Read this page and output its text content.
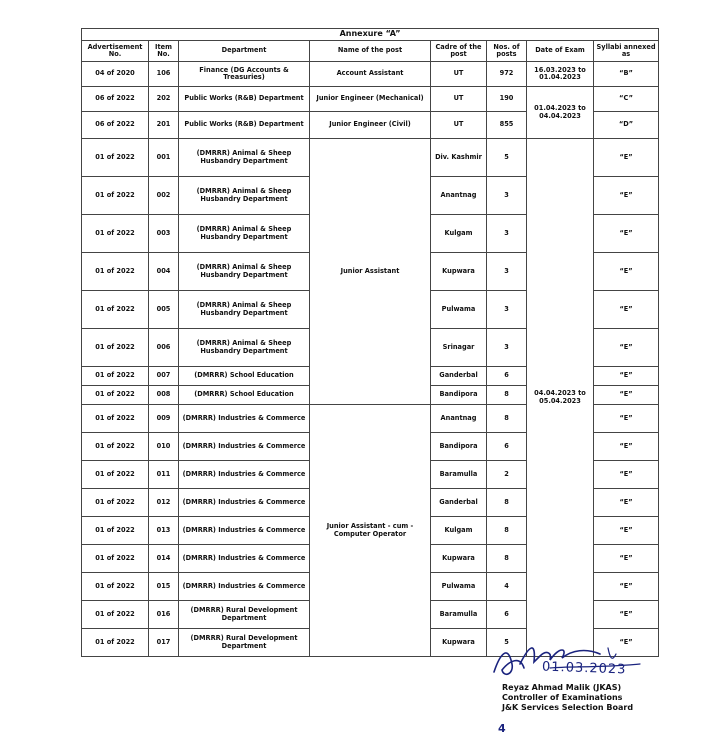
Annexure “A”							
Advertisement No.	Item No.	Department	Name of the post	Cadre of the post	Nos. of posts	Date of Exam	Syllabi annexed as
04 of 2020	106	Finance (DG Accounts & Treasuries)	Account Assistant	UT	972	16.03.2023 to 01.04.2023	“B”
06 of 2022	202	Public Works (R&B) Department	Junior Engineer (Mechanical)	UT	190	01.04.2023 to 04.04.2023	“C”
06 of 2022	201	Public Works (R&B) Department	Junior Engineer (Civil)	UT	855		“D”
01 of 2022	001	(DMRRR) Animal & Sheep Husbandry Department	Junior Assistant	Div. Kashmir	5	04.04.2023 to 05.04.2023	“E”
01 of 2022	002	(DMRRR) Animal & Sheep Husbandry Department		Anantnag	3		“E”
01 of 2022	003	(DMRRR) Animal & Sheep Husbandry Department		Kulgam	3		“E”
01 of 2022	004	(DMRRR) Animal & Sheep Husbandry Department		Kupwara	3		“E”
01 of 2022	005	(DMRRR) Animal & Sheep Husbandry Department		Pulwama	3		“E”
01 of 2022	006	(DMRRR) Animal & Sheep Husbandry Department		Srinagar	3		“E”
01 of 2022	007	(DMRRR) School Education		Ganderbal	6		“E”
01 of 2022	008	(DMRRR) School Education		Bandipora	8		“E”
01 of 2022	009	(DMRRR) Industries & Commerce	Junior Assistant - cum - Computer Operator	Anantnag	8		“E”
01 of 2022	010	(DMRRR) Industries & Commerce		Bandipora	6		“E”
01 of 2022	011	(DMRRR) Industries & Commerce		Baramulla	2		“E”
01 of 2022	012	(DMRRR) Industries & Commerce		Ganderbal	8		“E”
01 of 2022	013	(DMRRR) Industries & Commerce		Kulgam	8		“E”
01 of 2022	014	(DMRRR) Industries & Commerce		Kupwara	8		“E”
01 of 2022	015	(DMRRR) Industries & Commerce		Pulwama	4		“E”
01 of 2022	016	(DMRRR) Rural Development Department		Baramulla	6		“E”
01 of 2022	017	(DMRRR) Rural Development Department		Kupwara	5		“E”
01.03.2023
Reyaz Ahmad Malik (JKAS)
Controller of Examinations
J&K Services Selection Board
4
